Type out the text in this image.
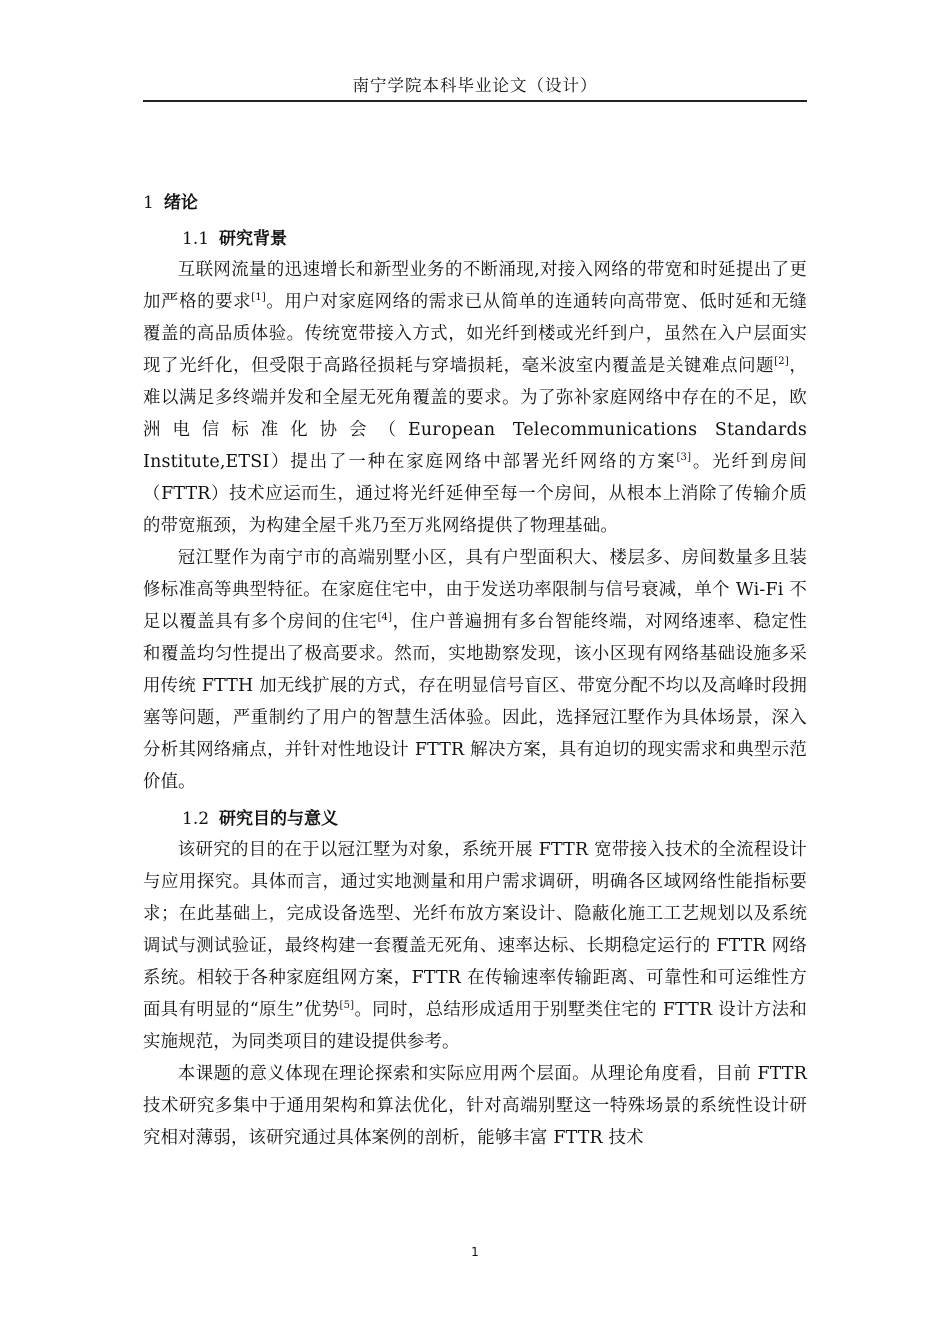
南宁学院本科毕业论文（设计）
1 绪论
1.1 研究背景

互联网流量的迅速增长和新型业务的不断涌现,对接入网络的带宽和时延提出了更加严格的要求[1]。用户对家庭网络的需求已从简单的连通转向高带宽、低时延和无缝覆盖的高品质体验。传统宽带接入方式，如光纤到楼或光纤到户，虽然在入户层面实现了光纤化，但受限于高路径损耗与穿墙损耗，毫米波室内覆盖是关键难点问题[2]，难以满足多终端并发和全屋无死角覆盖的要求。为了弥补家庭网络中存在的不足，欧洲电信标准化协会（European Telecommunications Standards Institute,ETSI）提出了一种在家庭网络中部署光纤网络的方案[3]。光纤到房间（FTTR）技术应运而生，通过将光纤延伸至每一个房间，从根本上消除了传输介质的带宽瓶颈，为构建全屋千兆乃至万兆网络提供了物理基础。

冠江墅作为南宁市的高端别墅小区，具有户型面积大、楼层多、房间数量多且装修标准高等典型特征。在家庭住宅中，由于发送功率限制与信号衰减，单个 Wi-Fi 不足以覆盖具有多个房间的住宅[4]，住户普遍拥有多台智能终端，对网络速率、稳定性和覆盖均匀性提出了极高要求。然而，实地勘察发现，该小区现有网络基础设施多采用传统 FTTH 加无线扩展的方式，存在明显信号盲区、带宽分配不均以及高峰时段拥塞等问题，严重制约了用户的智慧生活体验。因此，选择冠江墅作为具体场景，深入分析其网络痛点，并针对性地设计 FTTR 解决方案，具有迫切的现实需求和典型示范价值。

1.2 研究目的与意义

该研究的目的在于以冠江墅为对象，系统开展 FTTR 宽带接入技术的全流程设计与应用探究。具体而言，通过实地测量和用户需求调研，明确各区域网络性能指标要求；在此基础上，完成设备选型、光纤布放方案设计、隐蔽化施工工艺规划以及系统调试与测试验证，最终构建一套覆盖无死角、速率达标、长期稳定运行的 FTTR 网络系统。相较于各种家庭组网方案，FTTR 在传输速率传输距离、可靠性和可运维性方面具有明显的“原生”优势[5]。同时，总结形成适用于别墅类住宅的 FTTR 设计方法和实施规范，为同类项目的建设提供参考。

本课题的意义体现在理论探索和实际应用两个层面。从理论角度看，目前 FTTR 技术研究多集中于通用架构和算法优化，针对高端别墅这一特殊场景的系统性设计研究相对薄弱，该研究通过具体案例的剖析，能够丰富 FTTR 技术

1
